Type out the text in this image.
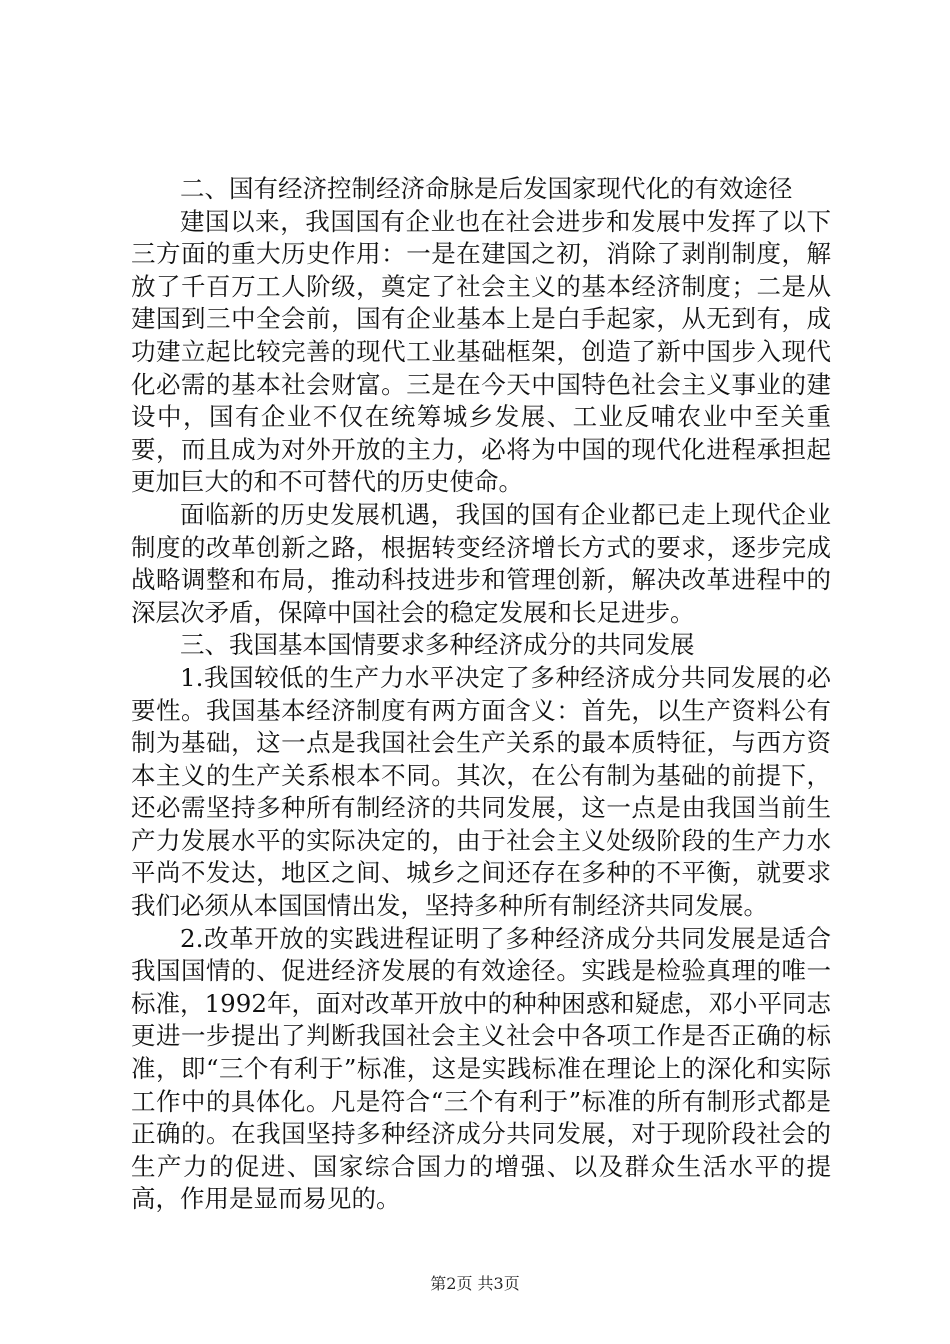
二、国有经济控制经济命脉是后发国家现代化的有效途径

建国以来，我国国有企业也在社会进步和发展中发挥了以下三方面的重大历史作用：一是在建国之初，消除了剥削制度，解放了千百万工人阶级，奠定了社会主义的基本经济制度；二是从建国到三中全会前，国有企业基本上是白手起家，从无到有，成功建立起比较完善的现代工业基础框架，创造了新中国步入现代化必需的基本社会财富。三是在今天中国特色社会主义事业的建设中，国有企业不仅在统筹城乡发展、工业反哺农业中至关重要，而且成为对外开放的主力，必将为中国的现代化进程承担起更加巨大的和不可替代的历史使命。

面临新的历史发展机遇，我国的国有企业都已走上现代企业制度的改革创新之路，根据转变经济增长方式的要求，逐步完成战略调整和布局，推动科技进步和管理创新，解决改革进程中的深层次矛盾，保障中国社会的稳定发展和长足进步。

三、我国基本国情要求多种经济成分的共同发展

1.我国较低的生产力水平决定了多种经济成分共同发展的必要性。我国基本经济制度有两方面含义：首先，以生产资料公有制为基础，这一点是我国社会生产关系的最本质特征，与西方资本主义的生产关系根本不同。其次，在公有制为基础的前提下，还必需坚持多种所有制经济的共同发展，这一点是由我国当前生产力发展水平的实际决定的，由于社会主义处级阶段的生产力水平尚不发达，地区之间、城乡之间还存在多种的不平衡，就要求我们必须从本国国情出发，坚持多种所有制经济共同发展。

2.改革开放的实践进程证明了多种经济成分共同发展是适合我国国情的、促进经济发展的有效途径。实践是检验真理的唯一标准，1992年，面对改革开放中的种种困惑和疑虑，邓小平同志更进一步提出了判断我国社会主义社会中各项工作是否正确的标准，即“三个有利于”标准，这是实践标准在理论上的深化和实际工作中的具体化。凡是符合“三个有利于”标准的所有制形式都是正确的。在我国坚持多种经济成分共同发展，对于现阶段社会的生产力的促进、国家综合国力的增强、以及群众生活水平的提高，作用是显而易见的。

第2页 共3页
